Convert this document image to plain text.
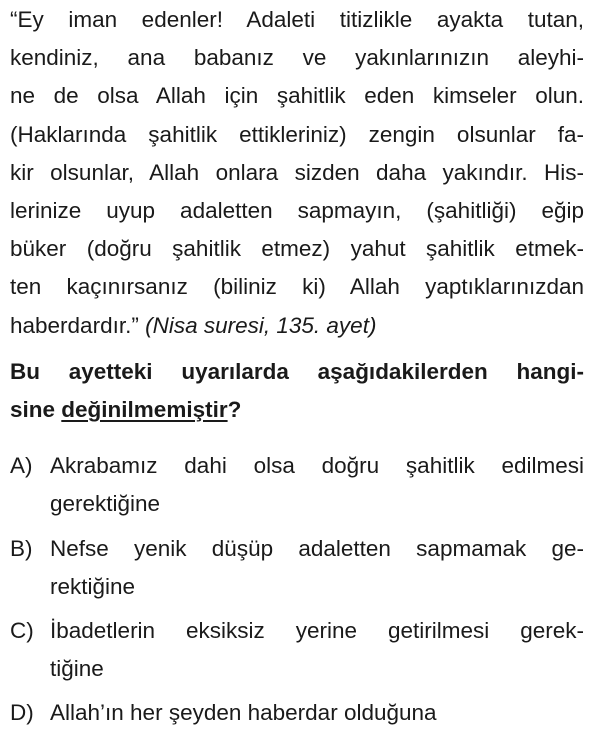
“Ey iman edenler! Adaleti titizlikle ayakta tutan,
kendiniz, ana babanız ve yakınlarınızın aleyhi-
ne de olsa Allah için şahitlik eden kimseler olun.
(Haklarında şahitlik ettikleriniz) zengin olsunlar fa-
kir olsunlar, Allah onlara sizden daha yakındır. His-
lerinize uyup adaletten sapmayın, (şahitliği) eğip
büker (doğru şahitlik etmez) yahut şahitlik etmek-
ten kaçınırsanız (biliniz ki) Allah yaptıklarınızdan
haberdardır.” (Nisa suresi, 135. ayet)
Bu ayetteki uyarılarda aşağıdakilerden hangi-
sine değinilmemiştir?
A) Akrabamız dahi olsa doğru şahitlik edilmesi
gerektiğine
B) Nefse yenik düşüp adaletten sapmamak ge-
rektiğine
C) İbadetlerin eksiksiz yerine getirilmesi gerek-
tiğine
D) Allah’ın her şeyden haberdar olduğuna
